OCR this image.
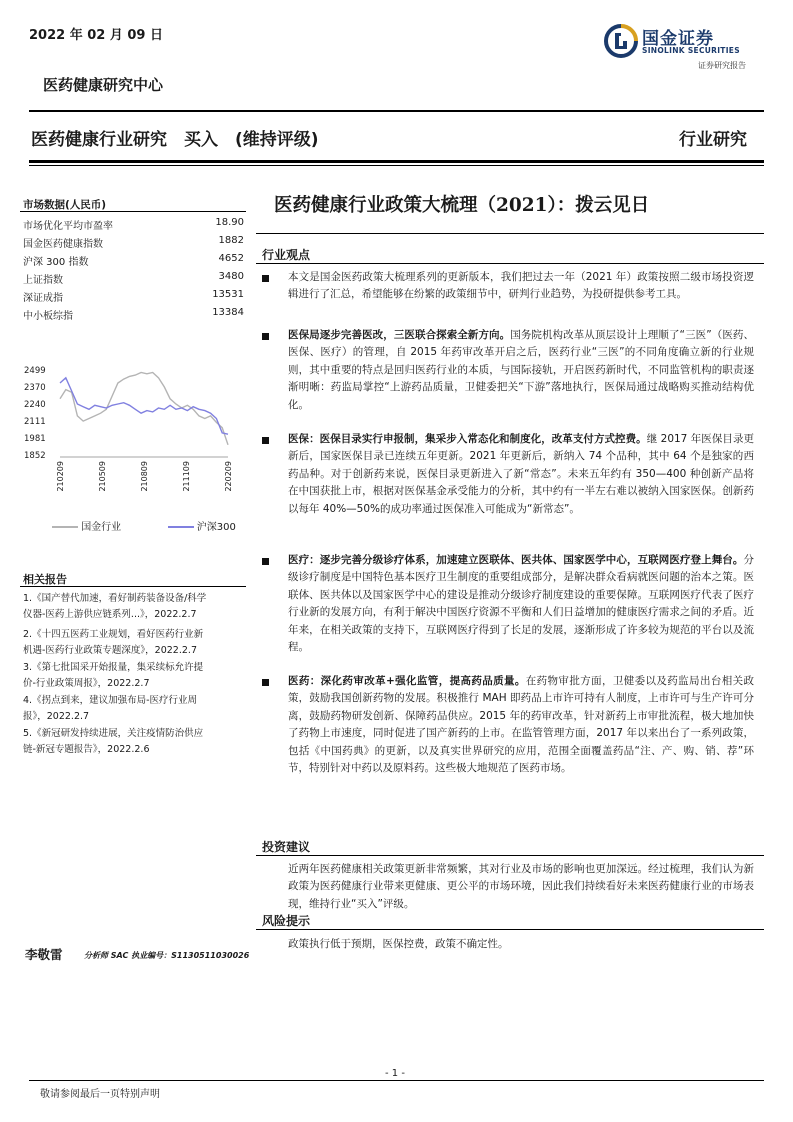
2022 年 02 月 09 日	国金证券
SINOLINK SECURITIES
证券研究报告
医药健康研究中心
医药健康行业研究　买入　(维持评级)	行业研究
市场数据(人民币)
市场优化平均市盈率	18.90
国金医药健康指数	1882
沪深 300 指数	4652
上证指数	3480
深证成指	13531
中小板综指	13384
2499
2370
2240
2111
1981
1852
210209	210509	210809	211109	220209
国金行业	沪深300
相关报告
1.《国产替代加速，看好制药装备设备/科学
仪器-医药上游供应链系列...》，2022.2.7
2.《十四五医药工业规划，看好医药行业新
机遇-医药行业政策专题深度》，2022.2.7
3.《第七批国采开始报量，集采续标允许提
价-行业政策周报》，2022.2.7
4.《拐点到来，建议加强布局-医疗行业周
报》，2022.2.7
5.《新冠研发持续进展，关注疫情防治供应
链-新冠专题报告》，2022.2.6
李敬雷	分析师 SAC 执业编号：S1130511030026
医药健康行业政策大梳理（2021）：拨云见日
行业观点
本文是国金医药政策大梳理系列的更新版本，我们把过去一年（2021 年）政策按照二级市场投资逻辑进行了汇总，希望能够在纷繁的政策细节中，研判行业趋势，为投研提供参考工具。
医保局逐步完善医改，三医联合探索全新方向。国务院机构改革从顶层设计上理顺了“三医”（医药、医保、医疗）的管理，自 2015 年药审改革开启之后，医药行业“三医”的不同角度确立新的行业规则，其中重要的特点是回归医药行业的本质，与国际接轨，开启医药新时代，不同监管机构的职责逐渐明晰：药监局掌控“上游药品质量，卫健委把关“下游”落地执行，医保局通过战略购买推动结构优化。
医保：医保目录实行申报制，集采步入常态化和制度化，改革支付方式控费。继 2017 年医保目录更新后，国家医保目录已连续五年更新。2021 年更新后，新纳入 74 个品种，其中 64 个是独家的西药品种。对于创新药来说，医保目录更新进入了新“常态”。未来五年约有 350—400 种创新产品将在中国获批上市，根据对医保基金承受能力的分析，其中约有一半左右难以被纳入国家医保。创新药以每年 40%—50%的成功率通过医保准入可能成为“新常态”。
医疗：逐步完善分级诊疗体系，加速建立医联体、医共体、国家医学中心，互联网医疗登上舞台。分级诊疗制度是中国特色基本医疗卫生制度的重要组成部分，是解决群众看病就医问题的治本之策。医联体、医共体以及国家医学中心的建设是推动分级诊疗制度建设的重要保障。互联网医疗代表了医疗行业新的发展方向，有利于解决中国医疗资源不平衡和人们日益增加的健康医疗需求之间的矛盾。近年来，在相关政策的支持下，互联网医疗得到了长足的发展，逐渐形成了许多较为规范的平台以及流程。
医药：深化药审改革+强化监管，提高药品质量。在药物审批方面，卫健委以及药监局出台相关政策，鼓励我国创新药物的发展。积极推行 MAH 即药品上市许可持有人制度，上市许可与生产许可分离，鼓励药物研发创新、保障药品供应。2015 年的药审改革，针对新药上市审批流程，极大地加快了药物上市速度，同时促进了国产新药的上市。在监管管理方面，2017 年以来出台了一系列政策，包括《中国药典》的更新，以及真实世界研究的应用，范围全面覆盖药品“注、产、购、销、荐”环节，特别针对中药以及原料药。这些极大地规范了医药市场。
投资建议
近两年医药健康相关政策更新非常频繁，其对行业及市场的影响也更加深远。经过梳理，我们认为新政策为医药健康行业带来更健康、更公平的市场环境，因此我们持续看好未来医药健康行业的市场表现，维持行业“买入”评级。
风险提示
政策执行低于预期，医保控费，政策不确定性。
- 1 -
敬请参阅最后一页特别声明
